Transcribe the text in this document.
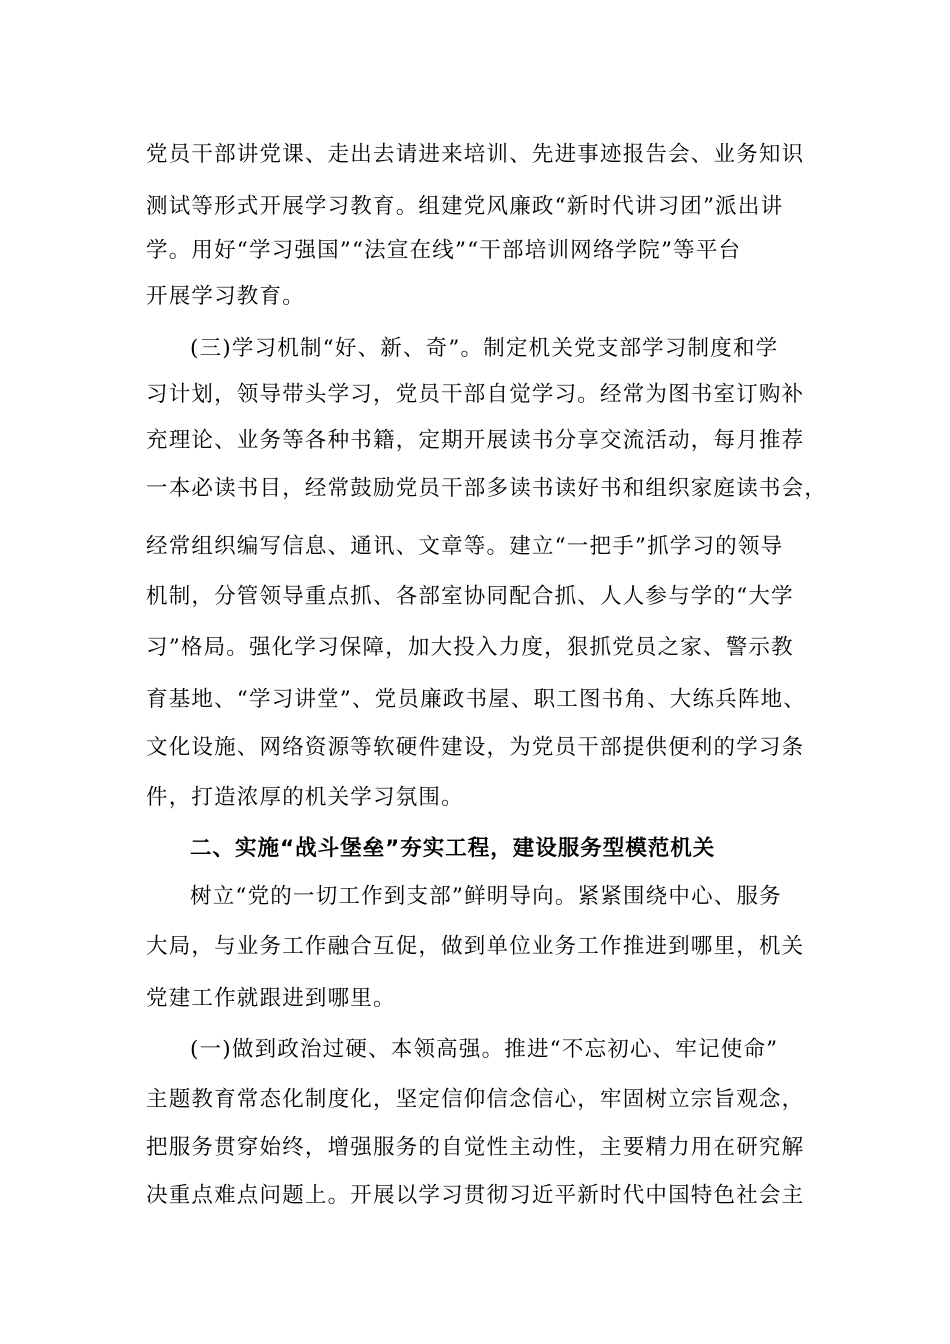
党员干部讲党课、走出去请进来培训、先进事迹报告会、业务知识
测试等形式开展学习教育。组建党风廉政“新时代讲习团”派出讲
学。用好“学习强国”“法宣在线”“干部培训网络学院”等平台
开展学习教育。
(三)学习机制“好、新、奇”。制定机关党支部学习制度和学
习计划，领导带头学习，党员干部自觉学习。经常为图书室订购补
充理论、业务等各种书籍，定期开展读书分享交流活动，每月推荐
一本必读书目，经常鼓励党员干部多读书读好书和组织家庭读书会，
经常组织编写信息、通讯、文章等。建立“一把手”抓学习的领导
机制，分管领导重点抓、各部室协同配合抓、人人参与学的“大学
习”格局。强化学习保障，加大投入力度，狠抓党员之家、警示教
育基地、“学习讲堂”、党员廉政书屋、职工图书角、大练兵阵地、
文化设施、网络资源等软硬件建设，为党员干部提供便利的学习条
件，打造浓厚的机关学习氛围。
二、实施“战斗堡垒”夯实工程，建设服务型模范机关
树立“党的一切工作到支部”鲜明导向。紧紧围绕中心、服务
大局，与业务工作融合互促，做到单位业务工作推进到哪里，机关
党建工作就跟进到哪里。
(一)做到政治过硬、本领高强。推进“不忘初心、牢记使命”
主题教育常态化制度化，坚定信仰信念信心，牢固树立宗旨观念，
把服务贯穿始终，增强服务的自觉性主动性，主要精力用在研究解
决重点难点问题上。开展以学习贯彻习近平新时代中国特色社会主
